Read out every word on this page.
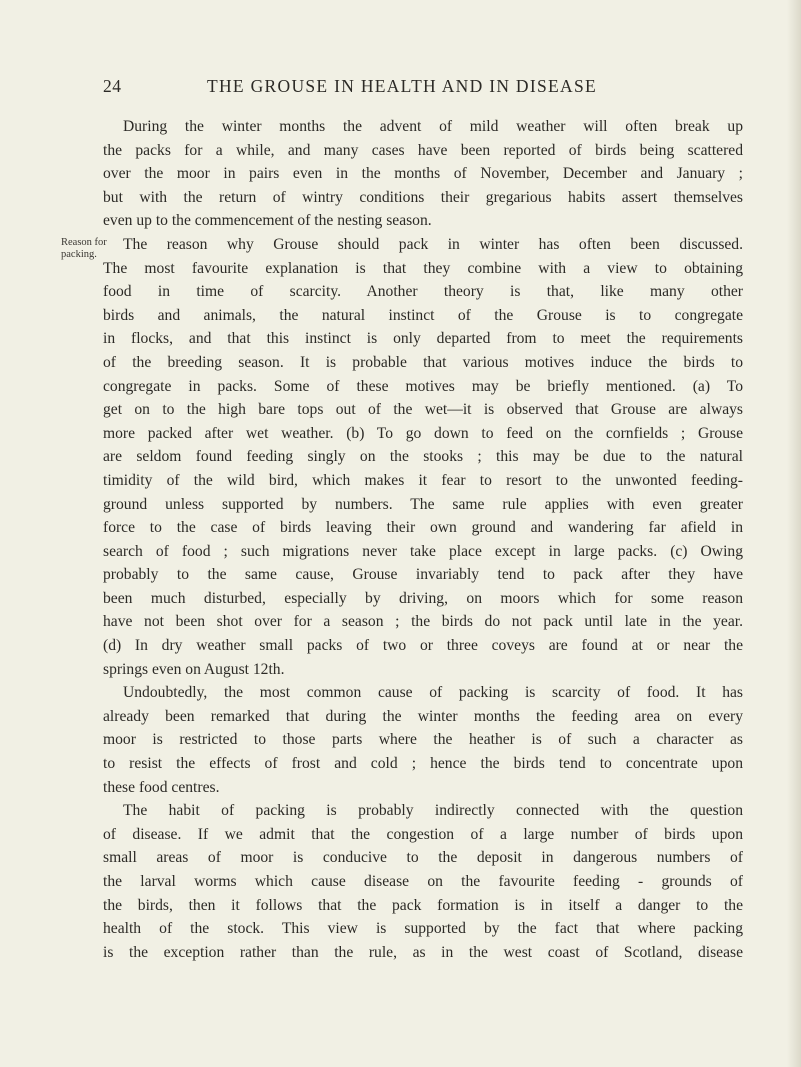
24	THE GROUSE IN HEALTH AND IN DISEASE
Reason for
packing.
During the winter months the advent of mild weather will often break up
the packs for a while, and many cases have been reported of birds being scattered
over the moor in pairs even in the months of November, December and January ;
but with the return of wintry conditions their gregarious habits assert themselves
even up to the commencement of the nesting season.
The reason why Grouse should pack in winter has often been discussed.
The most favourite explanation is that they combine with a view to obtaining
food in time of scarcity. Another theory is that, like many other
birds and animals, the natural instinct of the Grouse is to congregate
in flocks, and that this instinct is only departed from to meet the requirements
of the breeding season. It is probable that various motives induce the birds to
congregate in packs. Some of these motives may be briefly mentioned. (a) To
get on to the high bare tops out of the wet—it is observed that Grouse are always
more packed after wet weather. (b) To go down to feed on the cornfields ; Grouse
are seldom found feeding singly on the stooks ; this may be due to the natural
timidity of the wild bird, which makes it fear to resort to the unwonted feeding-
ground unless supported by numbers. The same rule applies with even greater
force to the case of birds leaving their own ground and wandering far afield in
search of food ; such migrations never take place except in large packs. (c) Owing
probably to the same cause, Grouse invariably tend to pack after they have
been much disturbed, especially by driving, on moors which for some reason
have not been shot over for a season ; the birds do not pack until late in the year.
(d) In dry weather small packs of two or three coveys are found at or near the
springs even on August 12th.
Undoubtedly, the most common cause of packing is scarcity of food. It has
already been remarked that during the winter months the feeding area on every
moor is restricted to those parts where the heather is of such a character as
to resist the effects of frost and cold ; hence the birds tend to concentrate upon
these food centres.
The habit of packing is probably indirectly connected with the question
of disease. If we admit that the congestion of a large number of birds upon
small areas of moor is conducive to the deposit in dangerous numbers of
the larval worms which cause disease on the favourite feeding - grounds of
the birds, then it follows that the pack formation is in itself a danger to the
health of the stock. This view is supported by the fact that where packing
is the exception rather than the rule, as in the west coast of Scotland, disease
